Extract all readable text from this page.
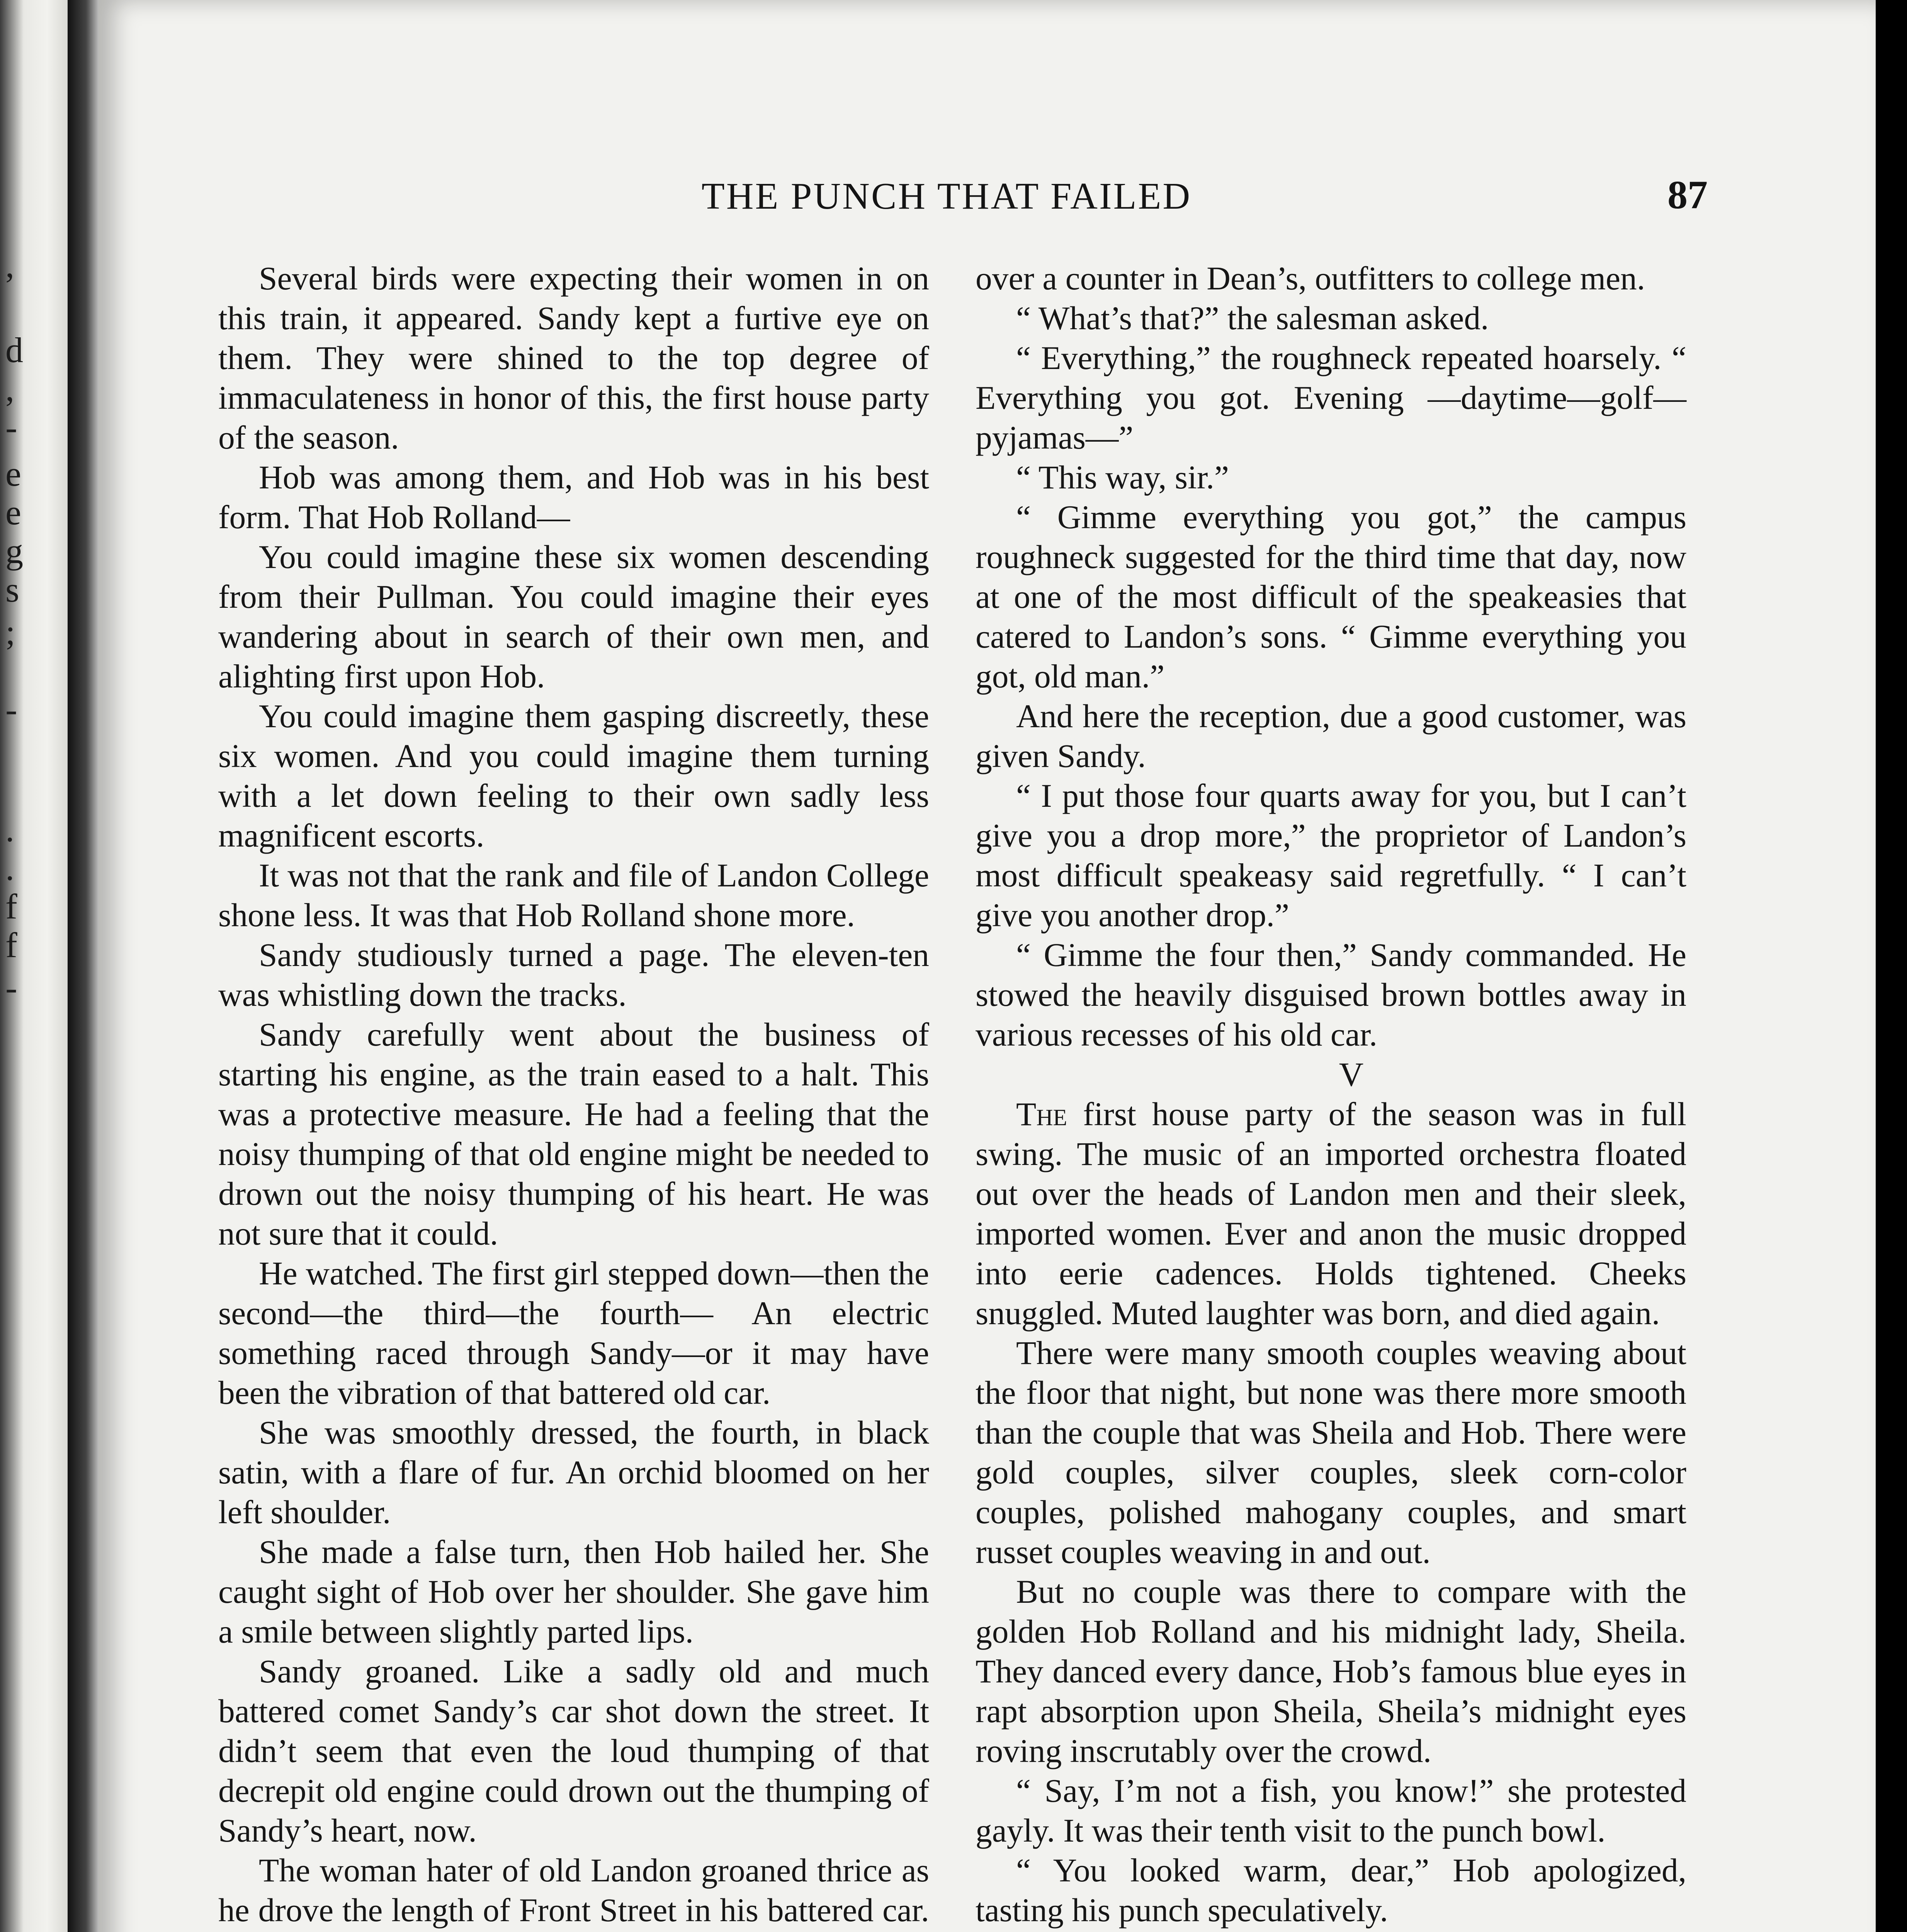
,
d
,
-
e
e
g
s
;
-
.
.
f
f
-
THE PUNCH THAT FAILED	87

Several birds were expecting their women in on this train, it appeared. Sandy kept a furtive eye on them. They were shined to the top degree of immaculateness in honor of this, the first house party of the season.

Hob was among them, and Hob was in his best form. That Hob Rolland—

You could imagine these six women descending from their Pullman. You could imagine their eyes wandering about in search of their own men, and alighting first upon Hob.

You could imagine them gasping discreetly, these six women. And you could imagine them turning with a let down feeling to their own sadly less magnificent escorts.

It was not that the rank and file of Landon College shone less. It was that Hob Rolland shone more.

Sandy studiously turned a page. The eleven-ten was whistling down the tracks.

Sandy carefully went about the business of starting his engine, as the train eased to a halt. This was a protective measure. He had a feeling that the noisy thumping of that old engine might be needed to drown out the noisy thumping of his heart. He was not sure that it could.

He watched. The first girl stepped down—then the second—the third—the fourth— An electric something raced through Sandy—or it may have been the vibration of that battered old car.

She was smoothly dressed, the fourth, in black satin, with a flare of fur. An orchid bloomed on her left shoulder.

She made a false turn, then Hob hailed her. She caught sight of Hob over her shoulder. She gave him a smile between slightly parted lips.

Sandy groaned. Like a sadly old and much battered comet Sandy’s car shot down the street. It didn’t seem that even the loud thumping of that decrepit old engine could drown out the thumping of Sandy’s heart, now.

The woman hater of old Landon groaned thrice as he drove the length of Front Street in his battered car.

over a counter in Dean’s, outfitters to college men.

“ What’s that?” the salesman asked.

“ Everything,” the roughneck repeated hoarsely. “ Everything you got. Evening —daytime—golf—pyjamas—”

“ This way, sir.”

“ Gimme everything you got,” the campus roughneck suggested for the third time that day, now at one of the most difficult of the speakeasies that catered to Landon’s sons. “ Gimme everything you got, old man.”

And here the reception, due a good customer, was given Sandy.

“ I put those four quarts away for you, but I can’t give you a drop more,” the proprietor of Landon’s most difficult speakeasy said regretfully. “ I can’t give you another drop.”

“ Gimme the four then,” Sandy commanded. He stowed the heavily disguised brown bottles away in various recesses of his old car.

V

The first house party of the season was in full swing. The music of an imported orchestra floated out over the heads of Landon men and their sleek, imported women. Ever and anon the music dropped into eerie cadences. Holds tightened. Cheeks snuggled. Muted laughter was born, and died again.

There were many smooth couples weaving about the floor that night, but none was there more smooth than the couple that was Sheila and Hob. There were gold couples, silver couples, sleek corn-color couples, polished mahogany couples, and smart russet couples weaving in and out.

But no couple was there to compare with the golden Hob Rolland and his midnight lady, Sheila. They danced every dance, Hob’s famous blue eyes in rapt absorption upon Sheila, Sheila’s midnight eyes roving inscrutably over the crowd.

“ Say, I’m not a fish, you know!” she protested gayly. It was their tenth visit to the punch bowl.

“ You looked warm, dear,” Hob apologized, tasting his punch speculatively.
